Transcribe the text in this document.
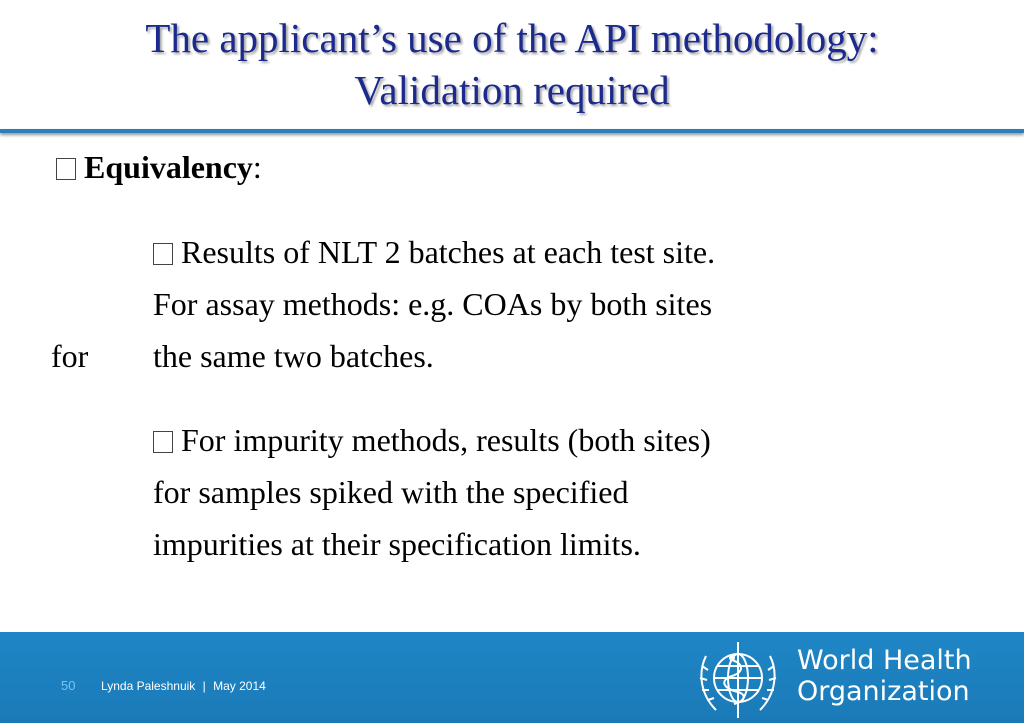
The applicant’s use of the API methodology:
Validation required
Equivalency:
Results of NLT 2 batches at each test site.
For assay methods: e.g. COAs by both sites
for the same two batches.
For impurity methods, results (both sites)
for samples spiked with the specified
impurities at their specification limits.
50 Lynda Paleshnuik | May 2014
World Health
Organization
